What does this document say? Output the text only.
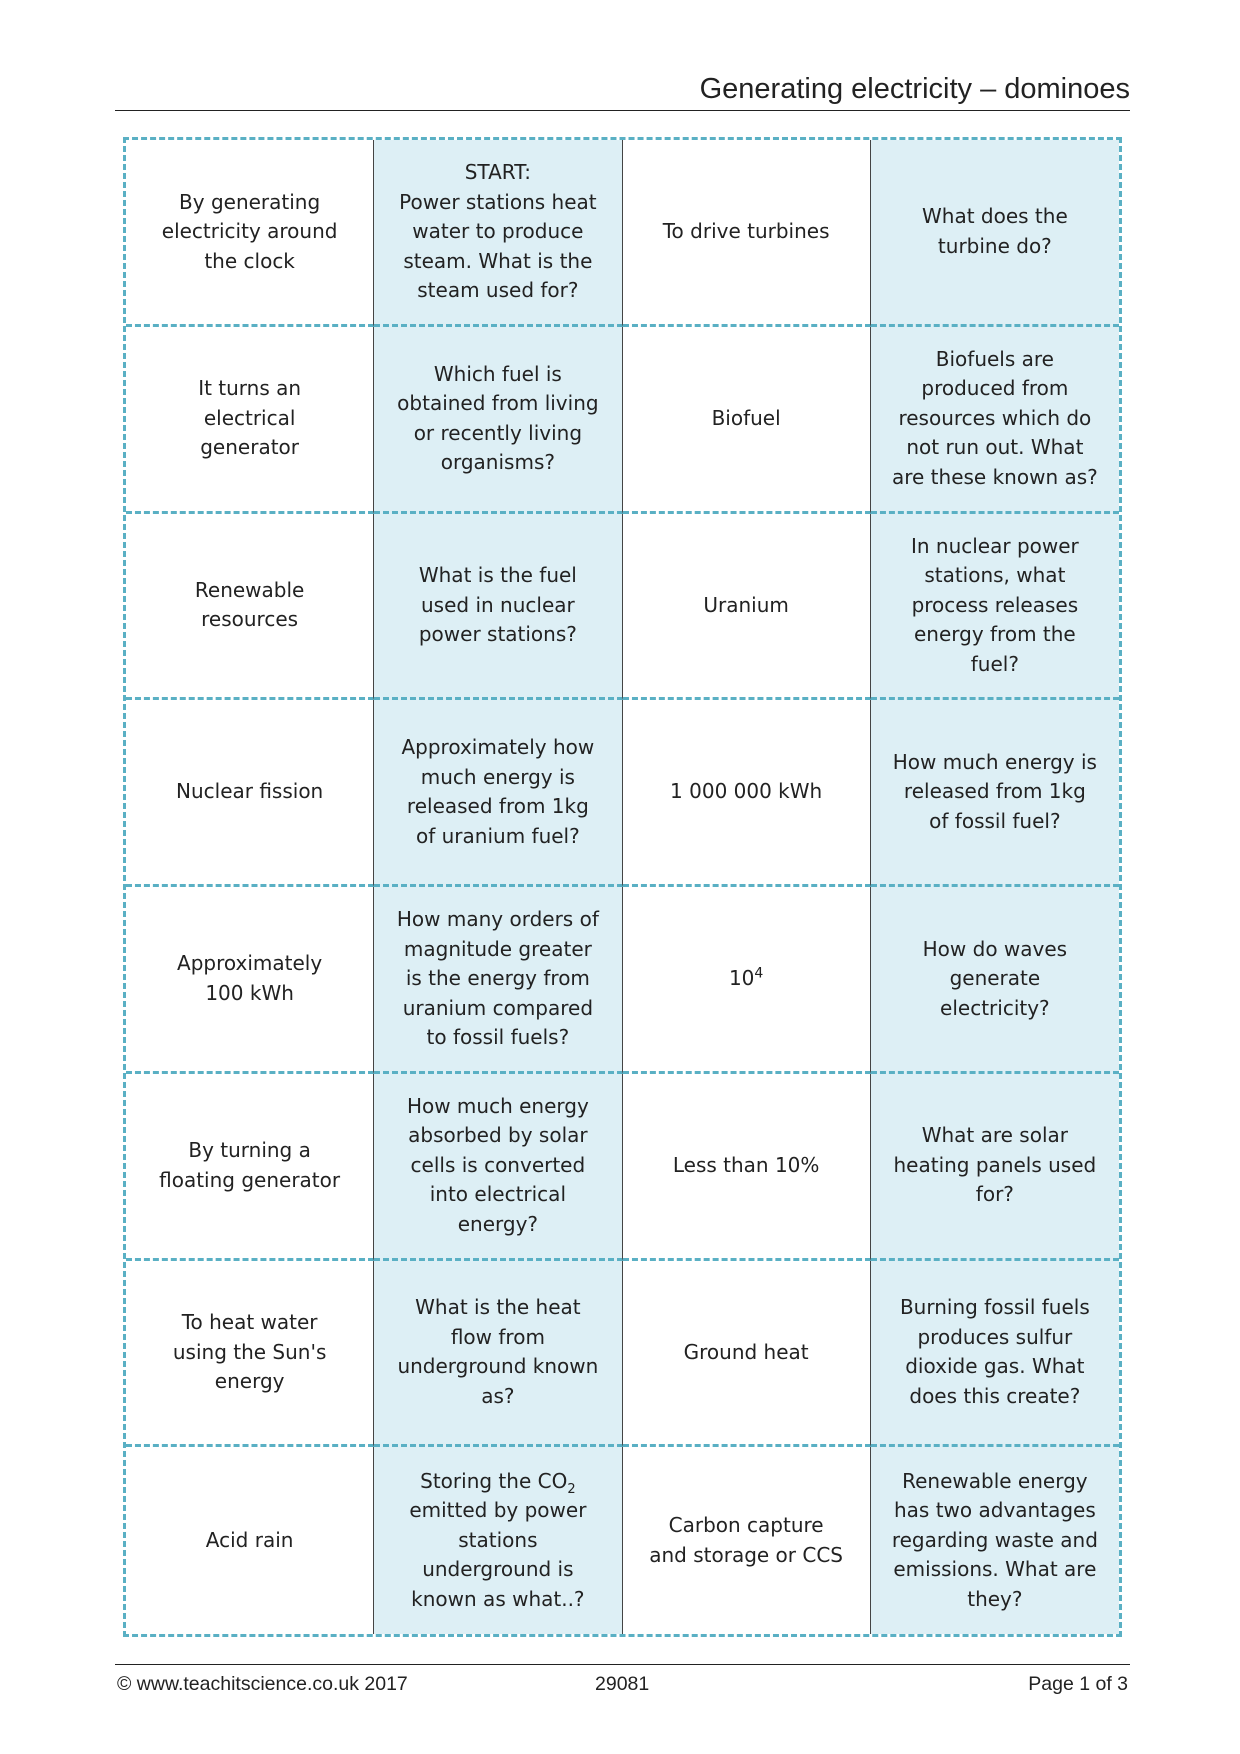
Generating electricity – dominoes
By generating
electricity around
the clock
START:
Power stations heat
water to produce
steam. What is the
steam used for?
To drive turbines
What does the
turbine do?
It turns an
electrical
generator
Which fuel is
obtained from living
or recently living
organisms?
Biofuel
Biofuels are
produced from
resources which do
not run out. What
are these known as?
Renewable
resources
What is the fuel
used in nuclear
power stations?
Uranium
In nuclear power
stations, what
process releases
energy from the
fuel?
Nuclear fission
Approximately how
much energy is
released from 1kg
of uranium fuel?
1 000 000 kWh
How much energy is
released from 1kg
of fossil fuel?
Approximately
100 kWh
How many orders of
magnitude greater
is the energy from
uranium compared
to fossil fuels?
$10^4$
How do waves
generate
electricity?
By turning a
floating generator
How much energy
absorbed by solar
cells is converted
into electrical
energy?
Less than 10%
What are solar
heating panels used
for?
To heat water
using the Sun's
energy
What is the heat
flow from
underground known
as?
Ground heat
Burning fossil fuels
produces sulfur
dioxide gas. What
does this create?
Acid rain
Storing the $CO_2$
emitted by power
stations
underground is
known as what..?
Carbon capture
and storage or CCS
Renewable energy
has two advantages
regarding waste and
emissions. What are
they?
© www.teachitscience.co.uk 2017	29081	Page 1 of 3
